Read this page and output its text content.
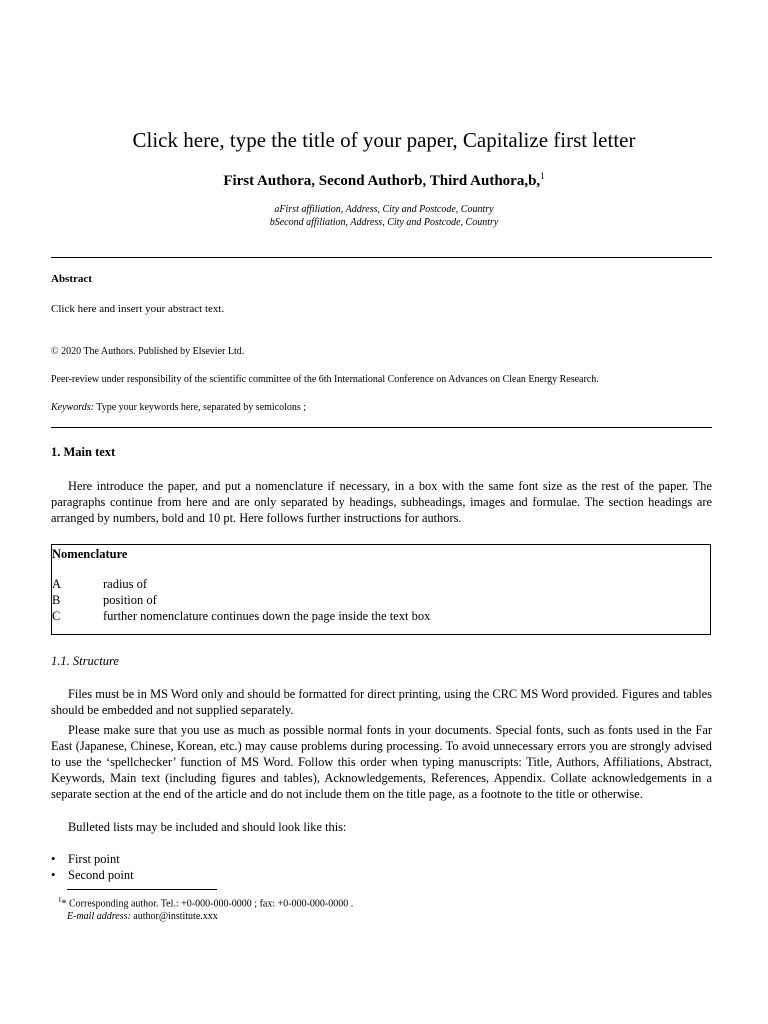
Click here, type the title of your paper, Capitalize first letter
First Authora, Second Authorb, Third Authora,b,$^1$
aFirst affiliation, Address, City and Postcode, Country
bSecond affiliation, Address, City and Postcode, Country
Abstract
Click here and insert your abstract text.
© 2020 The Authors. Published by Elsevier Ltd.
Peer-review under responsibility of the scientific committee of the 6th International Conference on Advances on Clean Energy Research.
Keywords: Type your keywords here, separated by semicolons ;
1. Main text
Here introduce the paper, and put a nomenclature if necessary, in a box with the same font size as the rest of the paper. The paragraphs continue from here and are only separated by headings, subheadings, images and formulae. The section headings are arranged by numbers, bold and 10 pt. Here follows further instructions for authors.
Nomenclature
A	radius of
B	position of
C	further nomenclature continues down the page inside the text box
1.1. Structure
Files must be in MS Word only and should be formatted for direct printing, using the CRC MS Word provided. Figures and tables should be embedded and not supplied separately.
Please make sure that you use as much as possible normal fonts in your documents. Special fonts, such as fonts used in the Far East (Japanese, Chinese, Korean, etc.) may cause problems during processing. To avoid unnecessary errors you are strongly advised to use the ‘spellchecker’ function of MS Word. Follow this order when typing manuscripts: Title, Authors, Affiliations, Abstract, Keywords, Main text (including figures and tables), Acknowledgements, References, Appendix. Collate acknowledgements in a separate section at the end of the article and do not include them on the title page, as a footnote to the title or otherwise.
Bulleted lists may be included and should look like this:
• First point
• Second point
$^1$* Corresponding author. Tel.: +0-000-000-0000 ; fax: +0-000-000-0000 .
E-mail address: author@institute.xxx
